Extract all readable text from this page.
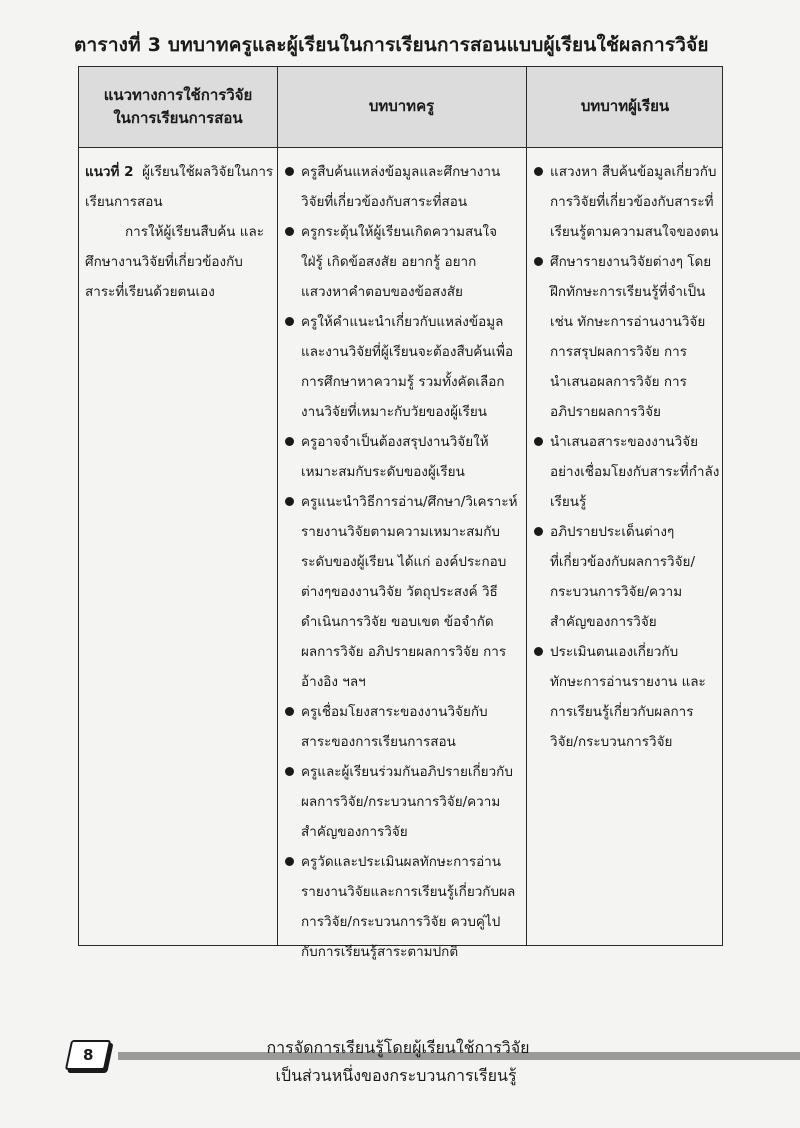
ตารางที่ 3 บทบาทครูและผู้เรียนในการเรียนการสอนแบบผู้เรียนใช้ผลการวิจัย
แนวทางการใช้การวิจัย
ในการเรียนการสอน
บทบาทครู	บทบาทผู้เรียน
แนวที่ 2 ผู้เรียนใช้ผลวิจัยในการ
เรียนการสอน
การให้ผู้เรียนสืบค้น และ
ศึกษางานวิจัยที่เกี่ยวข้องกับ
สาระที่เรียนด้วยตนเอง
ครูสืบค้นแหล่งข้อมูลและศึกษางาน
วิจัยที่เกี่ยวข้องกับสาระที่สอน
ครูกระตุ้นให้ผู้เรียนเกิดความสนใจ
ใฝ่รู้ เกิดข้อสงสัย อยากรู้ อยาก
แสวงหาคำตอบของข้อสงสัย
ครูให้คำแนะนำเกี่ยวกับแหล่งข้อมูล
และงานวิจัยที่ผู้เรียนจะต้องสืบค้นเพื่อ
การศึกษาหาความรู้ รวมทั้งคัดเลือก
งานวิจัยที่เหมาะกับวัยของผู้เรียน
ครูอาจจำเป็นต้องสรุปงานวิจัยให้
เหมาะสมกับระดับของผู้เรียน
ครูแนะนำวิธีการอ่าน/ศึกษา/วิเคราะห์
รายงานวิจัยตามความเหมาะสมกับ
ระดับของผู้เรียน ได้แก่ องค์ประกอบ
ต่างๆของงานวิจัย วัตถุประสงค์ วิธี
ดำเนินการวิจัย ขอบเขต ข้อจำกัด
ผลการวิจัย อภิปรายผลการวิจัย การ
อ้างอิง ฯลฯ
ครูเชื่อมโยงสาระของงานวิจัยกับ
สาระของการเรียนการสอน
ครูและผู้เรียนร่วมกันอภิปรายเกี่ยวกับ
ผลการวิจัย/กระบวนการวิจัย/ความ
สำคัญของการวิจัย
ครูวัดและประเมินผลทักษะการอ่าน
รายงานวิจัยและการเรียนรู้เกี่ยวกับผล
การวิจัย/กระบวนการวิจัย ควบคู่ไป
กับการเรียนรู้สาระตามปกติ
แสวงหา สืบค้นข้อมูลเกี่ยวกับ
การวิจัยที่เกี่ยวข้องกับสาระที่
เรียนรู้ตามความสนใจของตน
ศึกษารายงานวิจัยต่างๆ โดย
ฝึกทักษะการเรียนรู้ที่จำเป็น
เช่น ทักษะการอ่านงานวิจัย
การสรุปผลการวิจัย การ
นำเสนอผลการวิจัย การ
อภิปรายผลการวิจัย
นำเสนอสาระของงานวิจัย
อย่างเชื่อมโยงกับสาระที่กำลัง
เรียนรู้
อภิปรายประเด็นต่างๆ
ที่เกี่ยวข้องกับผลการวิจัย/
กระบวนการวิจัย/ความ
สำคัญของการวิจัย
ประเมินตนเองเกี่ยวกับ
ทักษะการอ่านรายงาน และ
การเรียนรู้เกี่ยวกับผลการ
วิจัย/กระบวนการวิจัย
8	การจัดการเรียนรู้โดยผู้เรียนใช้การวิจัย
เป็นส่วนหนึ่งของกระบวนการเรียนรู้
